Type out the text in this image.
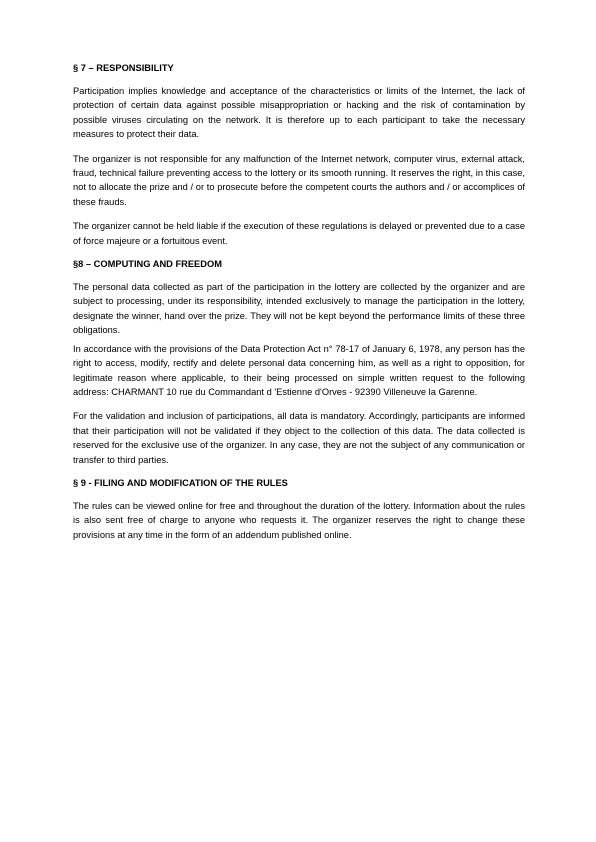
§ 7 – RESPONSIBILITY

Participation implies knowledge and acceptance of the characteristics or limits of the Internet, the lack of protection of certain data against possible misappropriation or hacking and the risk of contamination by possible viruses circulating on the network. It is therefore up to each participant to take the necessary measures to protect their data.

The organizer is not responsible for any malfunction of the Internet network, computer virus, external attack, fraud, technical failure preventing access to the lottery or its smooth running. It reserves the right, in this case, not to allocate the prize and / or to prosecute before the competent courts the authors and / or accomplices of these frauds.

The organizer cannot be held liable if the execution of these regulations is delayed or prevented due to a case of force majeure or a fortuitous event.

§8 – COMPUTING AND FREEDOM

The personal data collected as part of the participation in the lottery are collected by the organizer and are subject to processing, under its responsibility, intended exclusively to manage the participation in the lottery, designate the winner, hand over the prize. They will not be kept beyond the performance limits of these three obligations.

In accordance with the provisions of the Data Protection Act n° 78-17 of January 6, 1978, any person has the right to access, modify, rectify and delete personal data concerning him, as well as a right to opposition, for legitimate reason where applicable, to their being processed on simple written request to the following address: CHARMANT 10 rue du Commandant d 'Estienne d'Orves - 92390 Villeneuve la Garenne.

For the validation and inclusion of participations, all data is mandatory. Accordingly, participants are informed that their participation will not be validated if they object to the collection of this data. The data collected is reserved for the exclusive use of the organizer. In any case, they are not the subject of any communication or transfer to third parties.

§ 9 - FILING AND MODIFICATION OF THE RULES

The rules can be viewed online for free and throughout the duration of the lottery. Information about the rules is also sent free of charge to anyone who requests it. The organizer reserves the right to change these provisions at any time in the form of an addendum published online.
